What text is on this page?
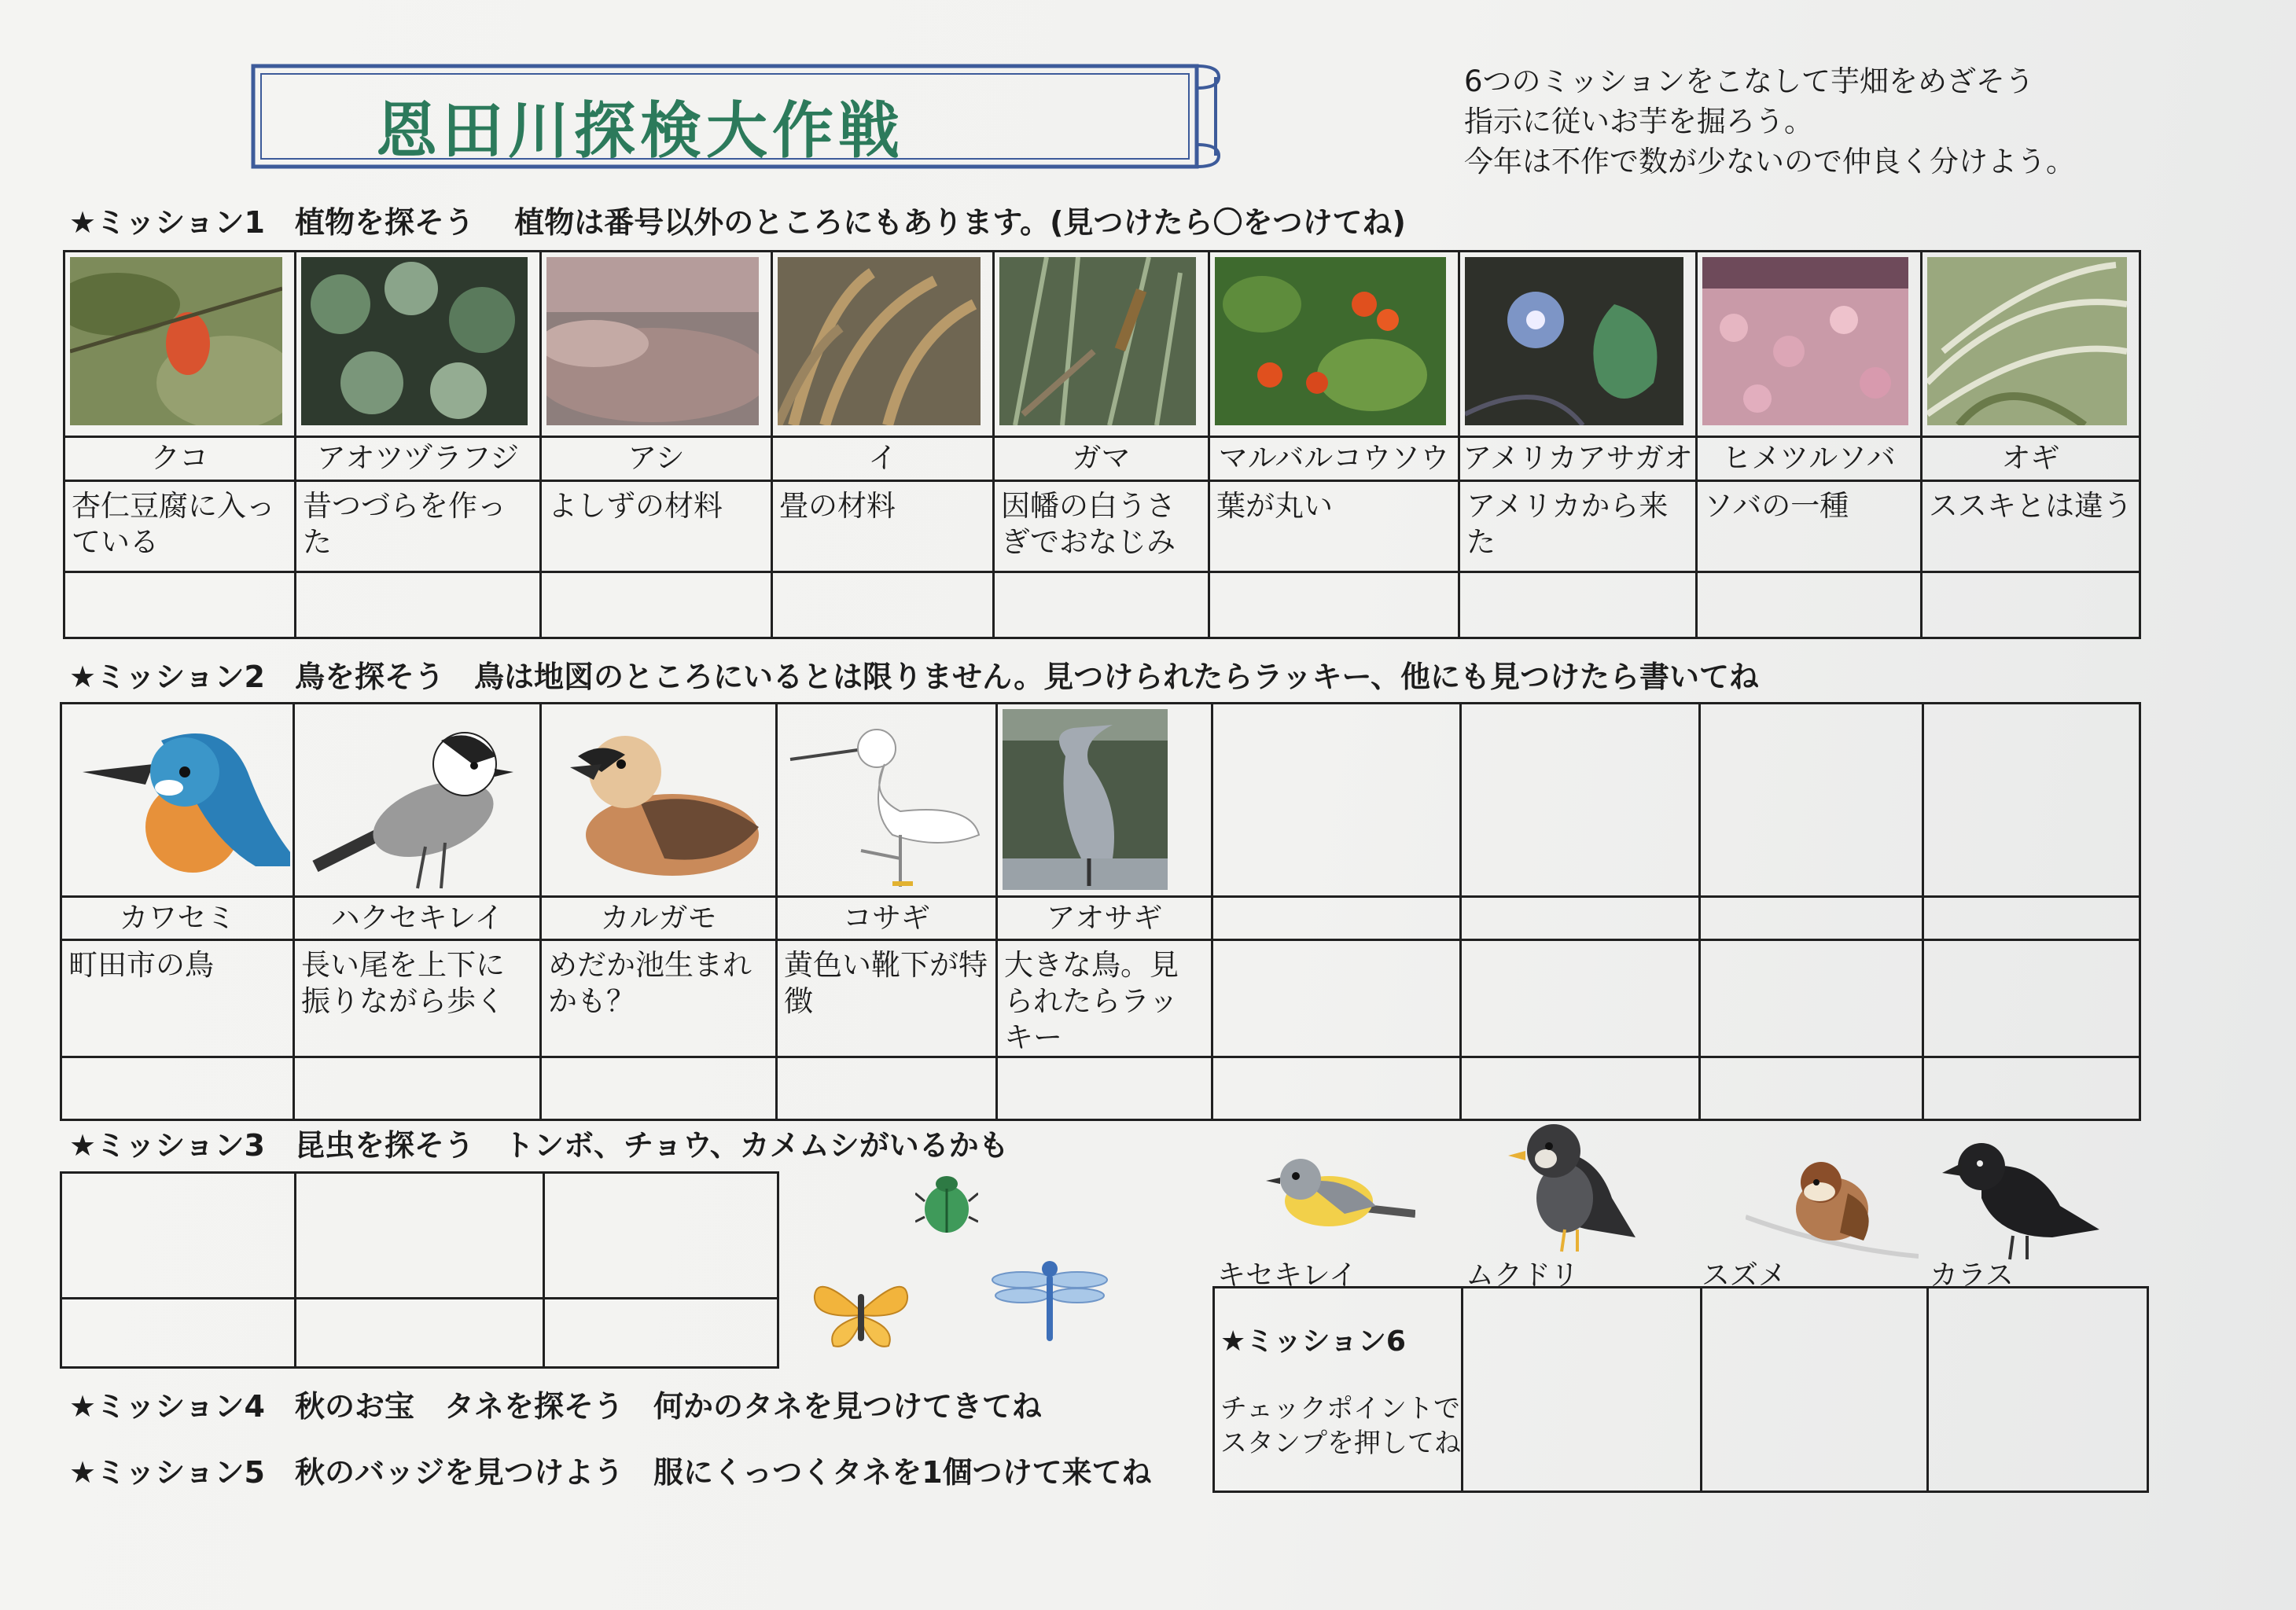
恩田川探検大作戦
6つのミッションをこなして芋畑をめざそう
指示に従いお芋を掘ろう。
今年は不作で数が少ないので仲良く分けよう。
★ミッション1　植物を探そう　 植物は番号以外のところにもあります。(見つけたら〇をつけてね)

クコ	アオツヅラフジ	アシ	イ	ガマ	マルバルコウソウ	アメリカアサガオ	ヒメツルソバ	オギ
杏仁豆腐に入っている	昔つづらを作った	よしずの材料	畳の材料	因幡の白うさぎでおなじみ	葉が丸い	アメリカから来た	ソバの一種	ススキとは違う

★ミッション2　鳥を探そう　鳥は地図のところにいるとは限りません。見つけられたらラッキー、他にも見つけたら書いてね

カワセミ	ハクセキレイ	カルガモ	コサギ	アオサギ				
町田市の鳥	長い尾を上下に振りながら歩く	めだか池生まれかも？	黄色い靴下が特徴	大きな鳥。見られたらラッキー				

★ミッション3　昆虫を探そう　トンボ、チョウ、カメムシがいるかも

★ミッション4　秋のお宝　タネを探そう　何かのタネを見つけてきてね
★ミッション5　秋のバッジを見つけよう　服にくっつくタネを1個つけて来てね
キセキレイ	ムクドリ	スズメ	カラス

★ミッション6
チェックポイントで
スタンプを押してね
